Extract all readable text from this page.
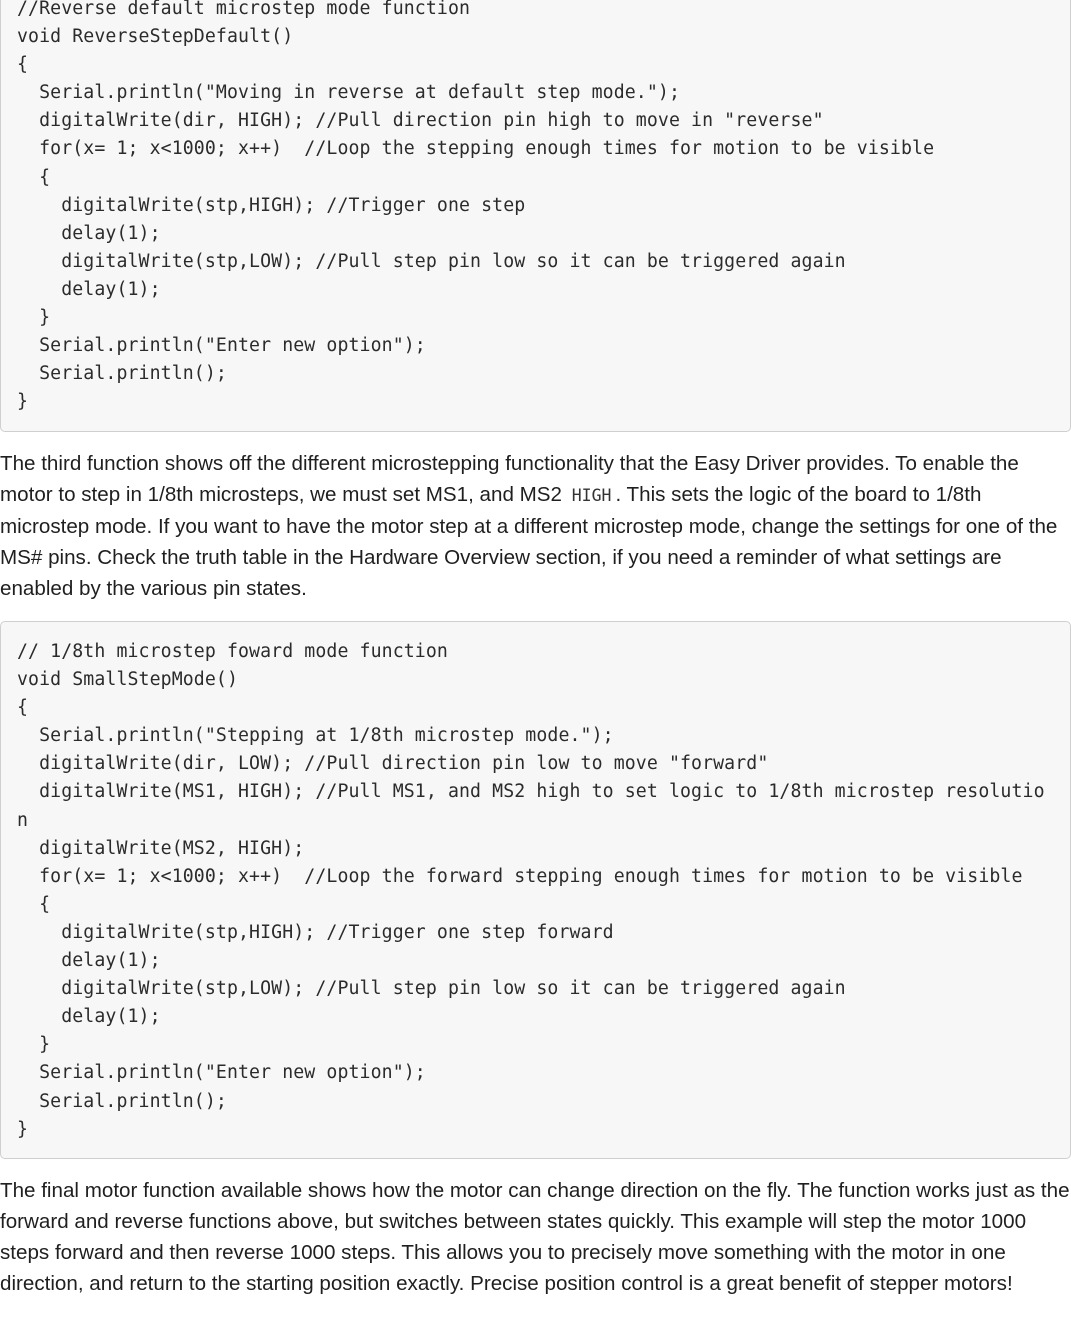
//Reverse default microstep mode function
void ReverseStepDefault()
{
Serial.println("Moving in reverse at default step mode.");
digitalWrite(dir, HIGH); //Pull direction pin high to move in "reverse"
for(x= 1; x<1000; x++)  //Loop the stepping enough times for motion to be visible
{
digitalWrite(stp,HIGH); //Trigger one step
delay(1);
digitalWrite(stp,LOW); //Pull step pin low so it can be triggered again
delay(1);
}
Serial.println("Enter new option");
Serial.println();
}

The third function shows off the different microstepping functionality that the Easy Driver provides. To enable the motor to step in 1/8th microsteps, we must set MS1, and MS2 HIGH . This sets the logic of the board to 1/8th microstep mode. If you want to have the motor step at a different microstep mode, change the settings for one of the MS# pins. Check the truth table in the Hardware Overview section, if you need a reminder of what settings are enabled by the various pin states.

// 1/8th microstep foward mode function
void SmallStepMode()
{
Serial.println("Stepping at 1/8th microstep mode.");
digitalWrite(dir, LOW); //Pull direction pin low to move "forward"
digitalWrite(MS1, HIGH); //Pull MS1, and MS2 high to set logic to 1/8th microstep resolutio
n
digitalWrite(MS2, HIGH);
for(x= 1; x<1000; x++)  //Loop the forward stepping enough times for motion to be visible
{
digitalWrite(stp,HIGH); //Trigger one step forward
delay(1);
digitalWrite(stp,LOW); //Pull step pin low so it can be triggered again
delay(1);
}
Serial.println("Enter new option");
Serial.println();
}

The final motor function available shows how the motor can change direction on the fly. The function works just as the forward and reverse functions above, but switches between states quickly. This example will step the motor 1000 steps forward and then reverse 1000 steps. This allows you to precisely move something with the motor in one direction, and return to the starting position exactly. Precise position control is a great benefit of stepper motors!
